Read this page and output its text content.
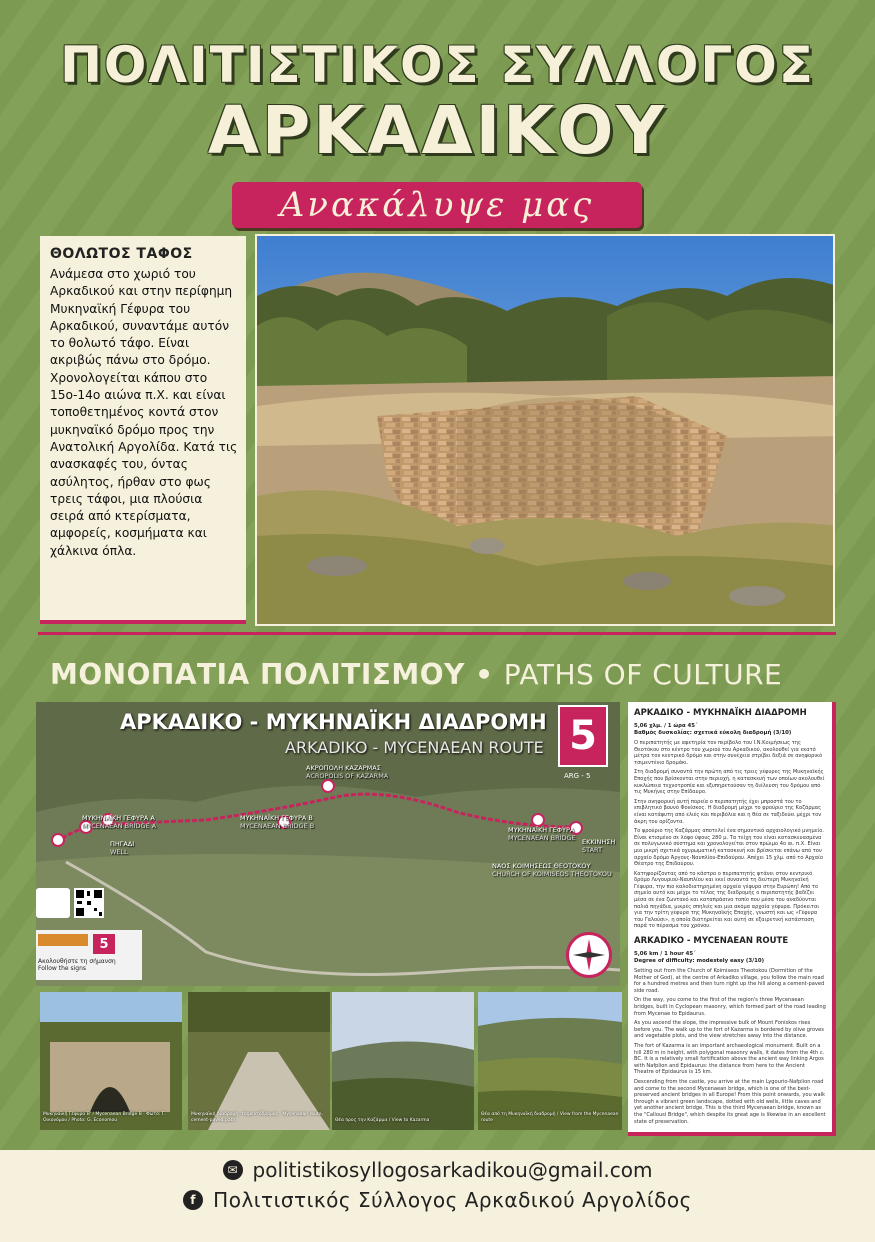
ΠΟΛΙΤΙΣΤΙΚΟΣ ΣΥΛΛΟΓΟΣ
ΑΡΚΑΔΙΚΟΥ
Ανακάλυψε μας
ΘΟΛΩΤΟΣ ΤΑΦΟΣ

Ανάμεσα στο χωριό του Αρκαδικού και στην περίφημη Μυκηναϊκή Γέφυρα του Αρκαδικού, συναντάμε αυτόν το θολωτό τάφο. Είναι ακριβώς πάνω στο δρόμο. Χρονολογείται κάπου στο 15ο-14ο αιώνα π.Χ. και είναι τοποθετημένος κοντά στον μυκηναϊκό δρόμο προς την Ανατολική Αργολίδα. Κατά τις ανασκαφές του, όντας ασύλητος, ήρθαν στο φως τρεις τάφοι, μια πλούσια σειρά από κτερίσματα, αμφορείς, κοσμήματα και χάλκινα όπλα.

ΜΟΝΟΠΑΤΙΑ ΠΟΛΙΤΙΣΜΟΥ • PATHS OF CULTURE
ΑΡΚΑΔΙΚΟ - ΜΥΚΗΝΑΪΚΗ ΔΙΑΔΡΟΜΗ
ARKADIKO - MYCENAEAN ROUTE 5
ARG - 5
ΜΥΚΗΝΑΪΚΗ ΓΕΦΥΡΑ Α
MYCENAEAN BRIDGE A
ΠΗΓΑΔΙ
WELL
ΜΥΚΗΝΑΪΚΗ ΓΕΦΥΡΑ Β
MYCENAEAN BRIDGE B
ΑΚΡΟΠΟΛΗ ΚΑΖΑΡΜΑΣ
ACROPOLIS OF KAZARMA
ΜΥΚΗΝΑΪΚΗ ΓΕΦΥΡΑ
MYCENAEAN BRIDGE ΕΚΚΙΝΗΣΗ
START
ΝΑΟΣ ΚΟΙΜΗΣΕΩΣ ΘΕΟΤΟΚΟΥ
CHURCH OF KOIMISEOS THEOTOKOU
5
Ακολουθήστε τη σήμανση
Follow the signs
ΑΡΚΑΔΙΚΟ - ΜΥΚΗΝΑΪΚΗ ΔΙΑΔΡΟΜΗ
5,06 χλμ. / 1 ώρα 45΄
Βαθμός δυσκολίας: σχετικά εύκολη διαδρομή (3/10)

Ο περιπατητής με αφετηρία τον περίβολο του Ι.Ν.Κοιμήσεως της Θεοτόκου στο κέντρο του χωριού του Αρκαδικού, ακολουθεί για εκατό μέτρα τον κεντρικό δρόμο και στην συνέχεια στρίβει δεξιά σε ανηφορικό τσιμεντένιο δρομάκι.

Στη διαδρομή συναντά την πρώτη από τις τρεις γέφυρες της Μυκηναϊκής Εποχής που βρίσκονται στην περιοχή, η κατασκευή των οποίων ακολουθεί κυκλώπεια τεχνοτροπία και εξυπηρετούσαν τη διέλευση του δρόμου από τις Μυκήνες στην Επίδαυρο.

Στην ανηφορική αυτή πορεία ο περιπατητής έχει μπροστά του το επιβλητικό βουνό Φονίσκος. Η διαδρομή μέχρι το φρούριο της Καζάρμας είναι κατάφυτη από ελιές και περιβόλια και η θέα σε ταξιδεύει μέχρι τον άκρη του ορίζοντα.

Το φρούριο της Καζάρμας αποτελεί ένα σημαντικό αρχαιολογικό μνημείο. Είναι κτισμένο σε λόφο ύψους 280 μ. Τα τείχη του είναι κατασκευασμένα σε πολυγωνικό σύστημα και χρονολογείται στον πρώιμο 4ο αι. π.Χ. Είναι μια μικρή σχετικά οχυρωματική κατασκευή και βρίσκεται επάνω από τον αρχαίο δρόμο Άργους-Ναυπλίου-Επιδαύρου. Απέχει 15 χλμ. από το Αρχαίο Θέατρο της Επιδαύρου.

Κατηφορίζοντας από το κάστρο ο περιπατητής φτάνει στον κεντρικό δρόμο Λυγουριού-Ναυπλίου και εκεί συναντά τη δεύτερη Μυκηναϊκή Γέφυρα, την πιο καλοδιατηρημένη αρχαία γέφυρα στην Ευρώπη! Από το σημείο αυτό και μέχρι το τέλος της διαδρομής ο περιπατητής βαδίζει μέσα σε ένα ζωντανό και καταπράσινο τοπίο που μέσα του αναδύονται παλιά πηγάδια, μικρές σπηλιές και μια ακόμα αρχαία γέφυρα. Πρόκειται για την τρίτη γέφυρα της Μυκηναϊκής Εποχής, γνωστή και ως «Γέφυρα του Γαλούσι», η οποία διατηρείται και αυτή σε εξαιρετική κατάσταση παρά το πέρασμα του χρόνου.

ARKADIKO - MYCENAEAN ROUTE
5,06 km / 1 hour 45΄
Degree of difficulty: modestely easy (3/10)

Setting out from the Church of Koimiseos Theotokou (Dormition of the Mother of God), at the centre of Arkadiko village, you follow the main road for a hundred metres and then turn right up the hill along a cement-paved side road.

On the way, you come to the first of the region's three Mycenaean bridges, built in Cyclopean masonry, which formed part of the road leading from Mycenae to Epidaurus.

As you ascend the slope, the impressive bulk of Mount Foniskos rises before you. The walk up to the fort of Kazarma is bordered by olive groves and vegetable plots, and the view stretches away into the distance.

The fort of Kazarma is an important archaeological monument. Built on a hill 280 m in height, with polygonal masonry walls, it dates from the 4th c. BC. It is a relatively small fortification above the ancient way linking Argos with Nafplion and Epidaurus: the distance from here to the Ancient Theatre of Epidaurus is 15 km.

Descending from the castle, you arrive at the main Lygouriо-Nafplion road and come to the second Mycenaean bridge, which is one of the best-preserved ancient bridges in all Europe! From this point onwards, you walk through a vibrant green landscape, dotted with old wells, little caves and yet another ancient bridge. This is the third Mycenaean bridge, known as the "Callousi Bridge", which despite its great age is likewise in an excellent state of preservation.

Μυκηναϊκή Γέφυρα Β' / Mycenaean Bridge B · Φωτό: Γ. Οικονόμου / Photo: G. Economou
Μυκηναϊκή διαδρομή, τσιμεντόδρομος · Mycenaean route, cement-paved path	Θέα προς την Καζάρμα / View to Kazarma
Θέα από τη Μυκηναϊκή διαδρομή / View from the Mycenaean route
✉ politistikosyllogosarkadikou@gmail.com
f Πολιτιστικός Σύλλογος Αρκαδικού Αργολίδος
